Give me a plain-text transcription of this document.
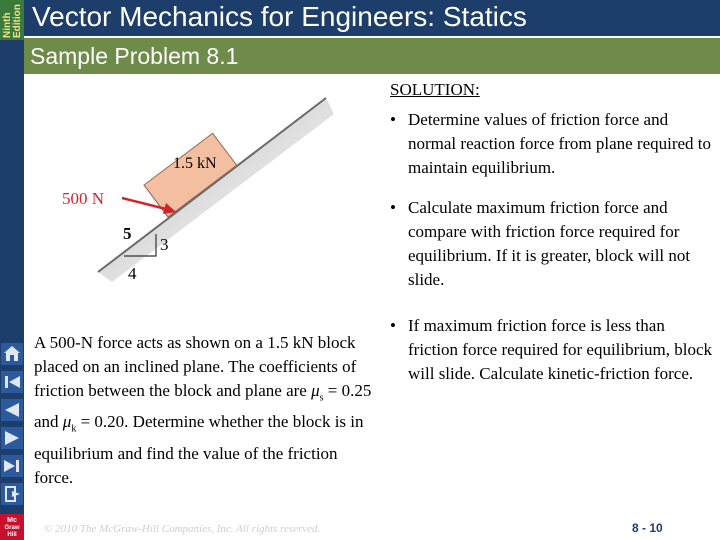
Ninth Edition Vector Mechanics for Engineers: Statics
Sample Problem 8.1
Mc
Graw
Hill
1.5 kN
500 N
5
3
4
SOLUTION:
• Determine values of friction force and normal reaction force from plane required to maintain equilibrium.
• Calculate maximum friction force and compare with friction force required for equilibrium. If it is greater, block will not slide.
• If maximum friction force is less than friction force required for equilibrium, block will slide. Calculate kinetic-friction force.
A 500-N force acts as shown on a 1.5 kN block placed on an inclined plane. The coefficients of friction between the block and plane are $\mu_s = 0.25$ and $\mu_k = 0.20$. Determine whether the block is in equilibrium and find the value of the friction force.
© 2010 The McGraw-Hill Companies, Inc. All rights reserved.	8 - 10
